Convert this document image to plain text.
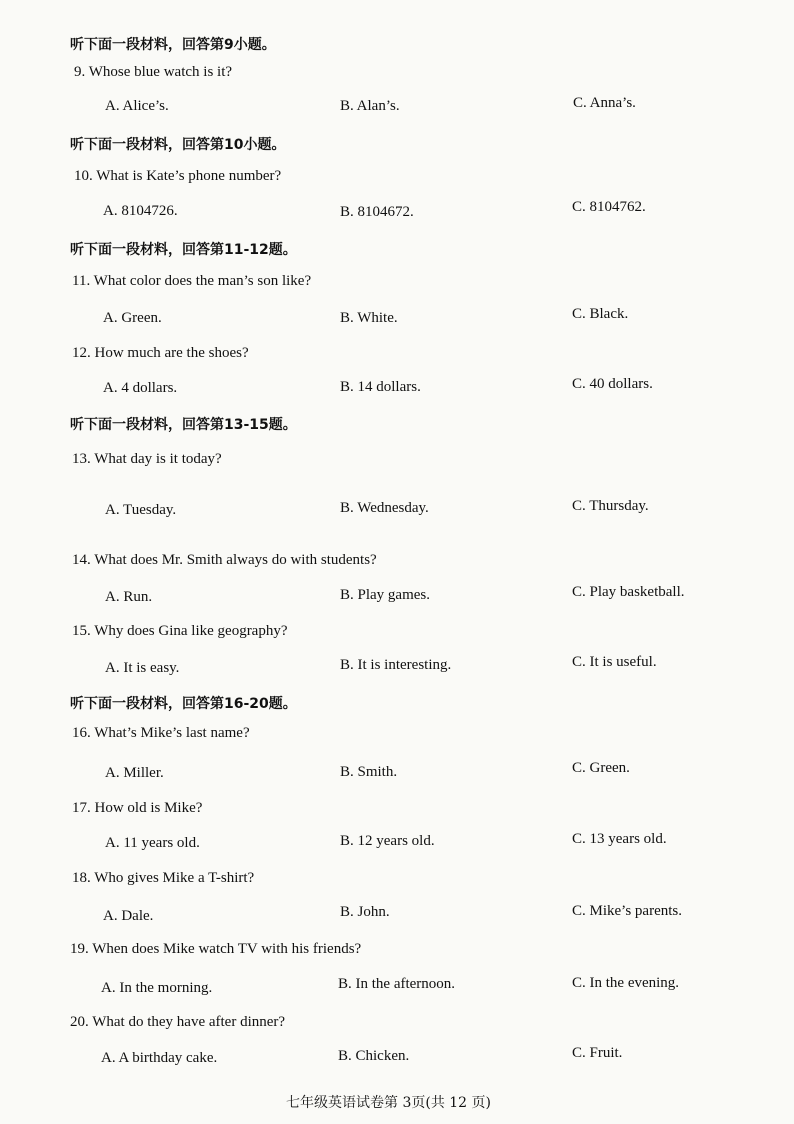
听下面一段材料，回答第9小题。
9. Whose blue watch is it?
A. Alice’s.	B. Alan’s.	C. Anna’s.
听下面一段材料，回答第10小题。
10. What is Kate’s phone number?
A. 8104726.	B. 8104672.	C. 8104762.
听下面一段材料，回答第11-12题。
11. What color does the man’s son like?
A. Green.	B. White.	C. Black.
12. How much are the shoes?
A. 4 dollars.	B. 14 dollars.	C. 40 dollars.
听下面一段材料，回答第13-15题。
13. What day is it today?
A. Tuesday.	B. Wednesday.	C. Thursday.
14. What does Mr. Smith always do with students?
A. Run.	B. Play games.	C. Play basketball.
15. Why does Gina like geography?
A. It is easy.	B. It is interesting.	C. It is useful.
听下面一段材料，回答第16-20题。
16. What’s Mike’s last name?
A. Miller.	B. Smith.	C. Green.
17. How old is Mike?
A. 11 years old.	B. 12 years old.	C. 13 years old.
18. Who gives Mike a T-shirt?
A. Dale.	B. John.	C. Mike’s parents.
19. When does Mike watch TV with his friends?
A. In the morning.	B. In the afternoon.	C. In the evening.
20. What do they have after dinner?
A. A birthday cake.	B. Chicken.	C. Fruit.
七年级英语试卷第 3页(共 12 页)
